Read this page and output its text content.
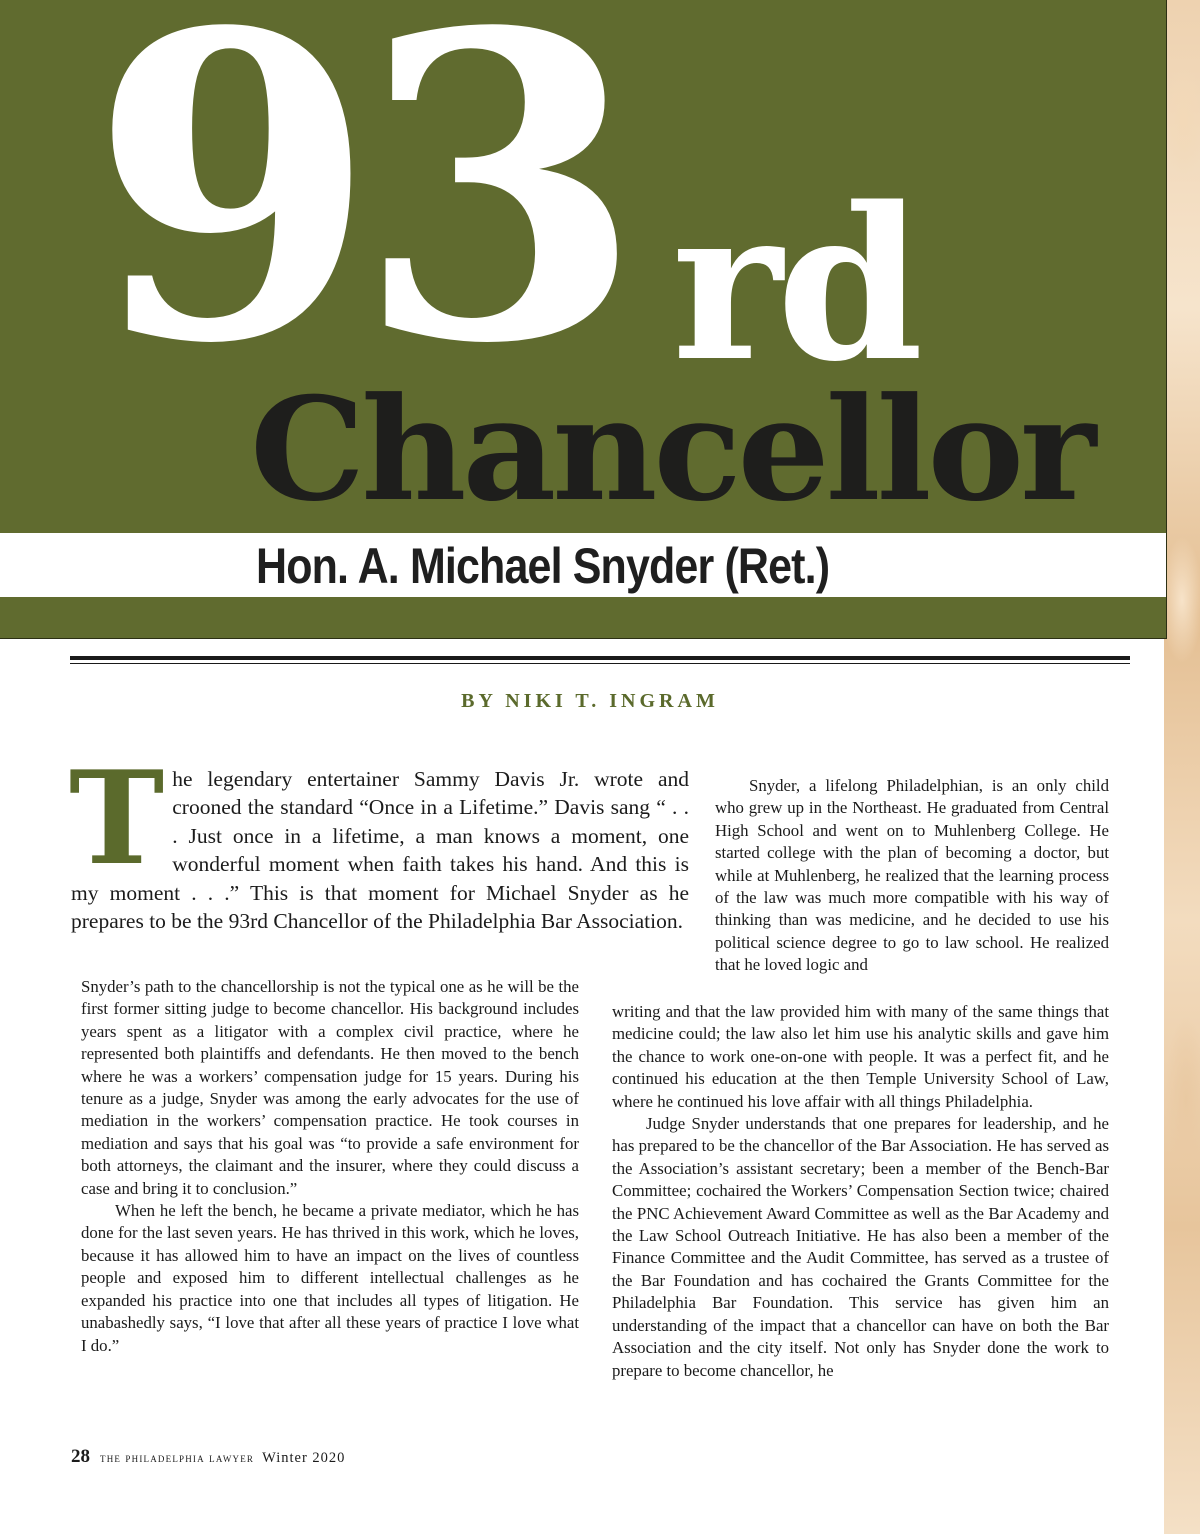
93 rd
Chancellor
Hon. A. Michael Snyder (Ret.)
BY NIKI T. INGRAM
The legendary entertainer Sammy Davis Jr. wrote and crooned the standard “Once in a Lifetime.” Davis sang “ . . . Just once in a lifetime, a man knows a moment, one wonderful moment when faith takes his hand. And this is my moment . . .” This is that moment for Michael Snyder as he prepares to be the 93rd Chancellor of the Philadelphia Bar Association.

Snyder’s path to the chancellorship is not the typical one as he will be the first former sitting judge to become chancellor. His background includes years spent as a litigator with a complex civil practice, where he represented both plaintiffs and defendants. He then moved to the bench where he was a workers’ compensation judge for 15 years. During his tenure as a judge, Snyder was among the early advocates for the use of mediation in the workers’ compensation practice. He took courses in mediation and says that his goal was “to provide a safe environment for both attorneys, the claimant and the insurer, where they could discuss a case and bring it to conclusion.”

When he left the bench, he became a private mediator, which he has done for the last seven years. He has thrived in this work, which he loves, because it has allowed him to have an impact on the lives of countless people and exposed him to different intellectual challenges as he expanded his practice into one that includes all types of litigation. He unabashedly says, “I love that after all these years of practice I love what I do.”

Snyder, a lifelong Philadelphian, is an only child who grew up in the Northeast. He graduated from Central High School and went on to Muhlenberg College. He started college with the plan of becoming a doctor, but while at Muhlenberg, he realized that the learning process of the law was much more compatible with his way of thinking than was medicine, and he decided to use his political science degree to go to law school. He realized that he loved logic and

writing and that the law provided him with many of the same things that medicine could; the law also let him use his analytic skills and gave him the chance to work one-on-one with people. It was a perfect fit, and he continued his education at the then Temple University School of Law, where he continued his love affair with all things Philadelphia.

Judge Snyder understands that one prepares for leadership, and he has prepared to be the chancellor of the Bar Association. He has served as the Association’s assistant secretary; been a member of the Bench-Bar Committee; cochaired the Workers’ Compensation Section twice; chaired the PNC Achievement Award Committee as well as the Bar Academy and the Law School Outreach Initiative. He has also been a member of the Finance Committee and the Audit Committee, has served as a trustee of the Bar Foundation and has cochaired the Grants Committee for the Philadelphia Bar Foundation. This service has given him an understanding of the impact that a chancellor can have on both the Bar Association and the city itself. Not only has Snyder done the work to prepare to become chancellor, he

28 the philadelphia lawyer Winter 2020
